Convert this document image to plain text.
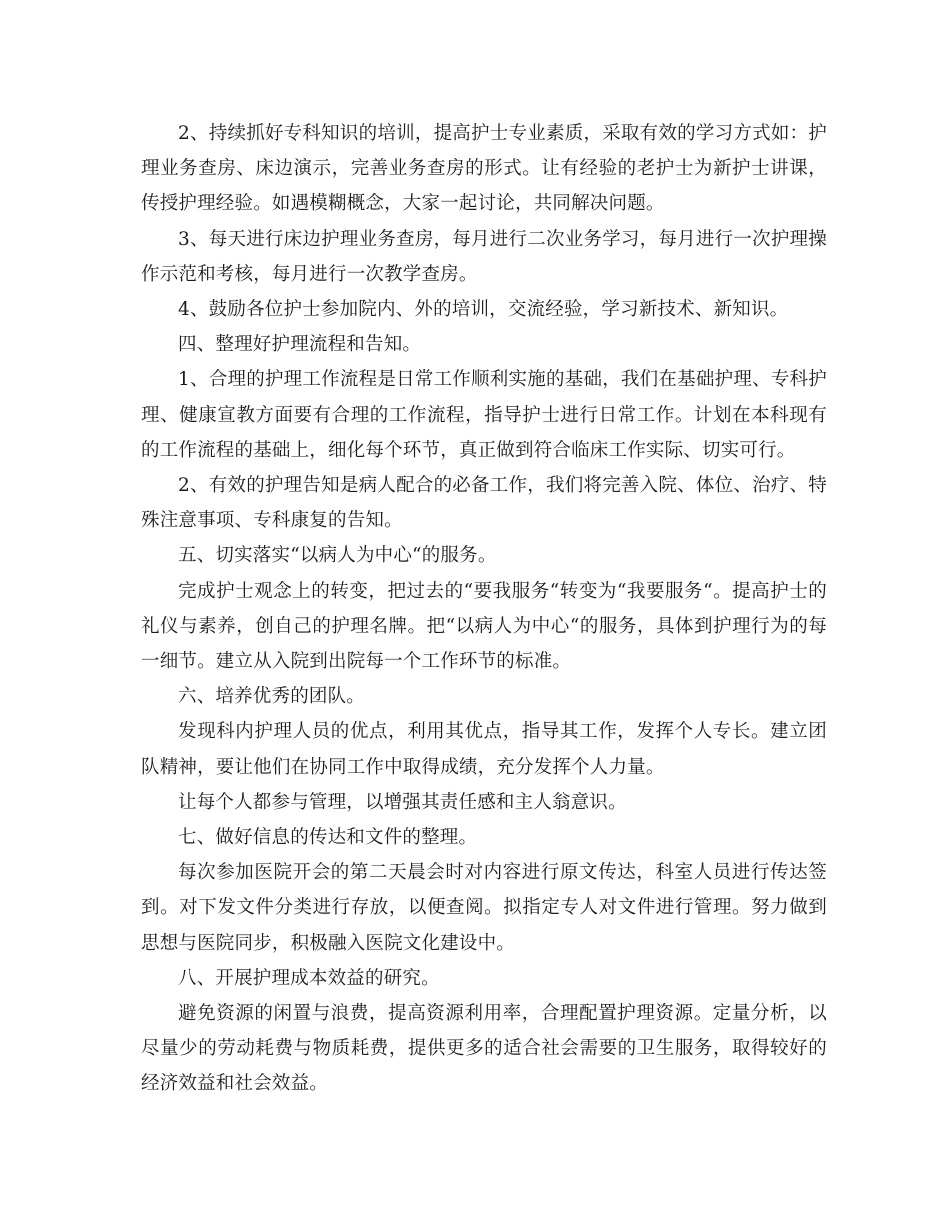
2、持续抓好专科知识的培训，提高护士专业素质，采取有效的学习方式如：护理业务查房、床边演示，完善业务查房的形式。让有经验的老护士为新护士讲课，传授护理经验。如遇模糊概念，大家一起讨论，共同解决问题。

3、每天进行床边护理业务查房，每月进行二次业务学习，每月进行一次护理操作示范和考核，每月进行一次教学查房。

4、鼓励各位护士参加院内、外的培训，交流经验，学习新技术、新知识。

四、整理好护理流程和告知。

1、合理的护理工作流程是日常工作顺利实施的基础，我们在基础护理、专科护理、健康宣教方面要有合理的工作流程，指导护士进行日常工作。计划在本科现有的工作流程的基础上，细化每个环节，真正做到符合临床工作实际、切实可行。

2、有效的护理告知是病人配合的必备工作，我们将完善入院、体位、治疗、特殊注意事项、专科康复的告知。

五、切实落实“以病人为中心“的服务。

完成护士观念上的转变，把过去的“要我服务“转变为“我要服务“。提高护士的礼仪与素养，创自己的护理名牌。把“以病人为中心“的服务，具体到护理行为的每一细节。建立从入院到出院每一个工作环节的标准。

六、培养优秀的团队。

发现科内护理人员的优点，利用其优点，指导其工作，发挥个人专长。建立团队精神，要让他们在协同工作中取得成绩，充分发挥个人力量。

让每个人都参与管理，以增强其责任感和主人翁意识。

七、做好信息的传达和文件的整理。

每次参加医院开会的第二天晨会时对内容进行原文传达，科室人员进行传达签到。对下发文件分类进行存放，以便查阅。拟指定专人对文件进行管理。努力做到思想与医院同步，积极融入医院文化建设中。

八、开展护理成本效益的研究。

避免资源的闲置与浪费，提高资源利用率，合理配置护理资源。定量分析，以尽量少的劳动耗费与物质耗费，提供更多的适合社会需要的卫生服务，取得较好的经济效益和社会效益。
